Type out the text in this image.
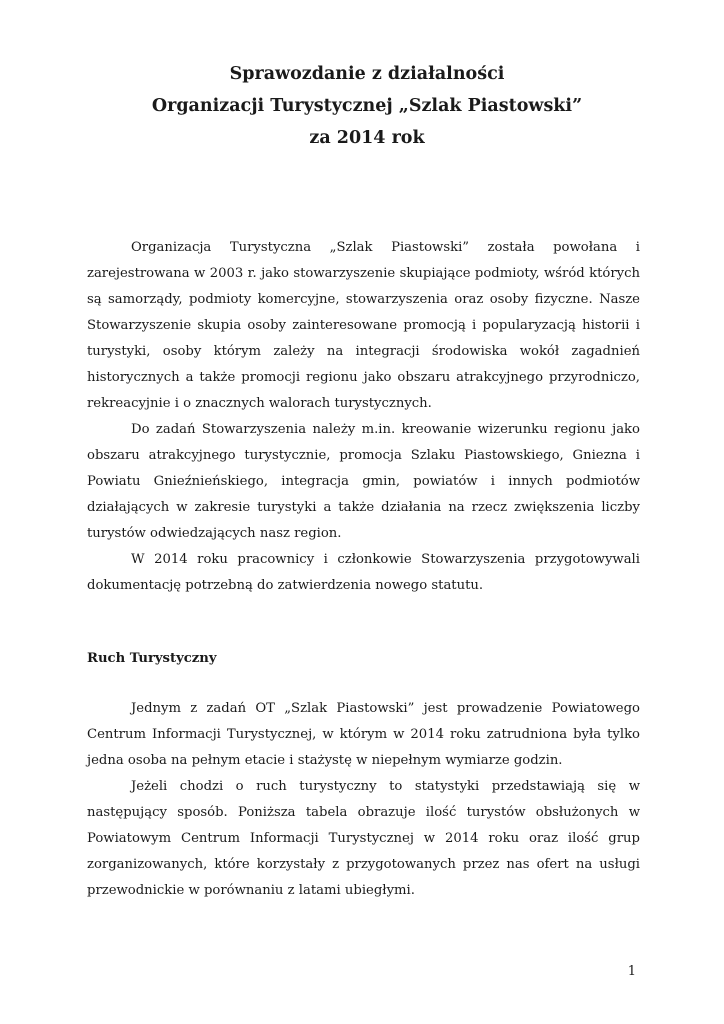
Sprawozdanie z działalności
Organizacji Turystycznej „Szlak Piastowski”
za 2014 rok

Organizacja Turystyczna „Szlak Piastowski” została powołana i zarejestrowana w 2003 r. jako stowarzyszenie skupiające podmioty, wśród których są samorządy, podmioty komercyjne, stowarzyszenia oraz osoby fizyczne. Nasze Stowarzyszenie skupia osoby zainteresowane promocją i popularyzacją historii i turystyki, osoby którym zależy na integracji środowiska wokół zagadnień historycznych a także promocji regionu jako obszaru atrakcyjnego przyrodniczo, rekreacyjnie i o znacznych walorach turystycznych.

Do zadań Stowarzyszenia należy m.in. kreowanie wizerunku regionu jako obszaru atrakcyjnego turystycznie, promocja Szlaku Piastowskiego, Gniezna i Powiatu Gnieźnieńskiego, integracja gmin, powiatów i innych podmiotów działających w zakresie turystyki a także działania na rzecz zwiększenia liczby turystów odwiedzających nasz region.

W 2014 roku pracownicy i członkowie Stowarzyszenia przygotowywali dokumentację potrzebną do zatwierdzenia nowego statutu.

Ruch Turystyczny

Jednym z zadań OT „Szlak Piastowski” jest prowadzenie Powiatowego Centrum Informacji Turystycznej, w którym w 2014 roku zatrudniona była tylko jedna osoba na pełnym etacie i stażystę w niepełnym wymiarze godzin.

Jeżeli chodzi o ruch turystyczny to statystyki przedstawiają się w następujący sposób. Poniższa tabela obrazuje ilość turystów obsłużonych w Powiatowym Centrum Informacji Turystycznej w 2014 roku oraz ilość grup zorganizowanych, które korzystały z przygotowanych przez nas ofert na usługi przewodnickie w porównaniu z latami ubiegłymi.

1
